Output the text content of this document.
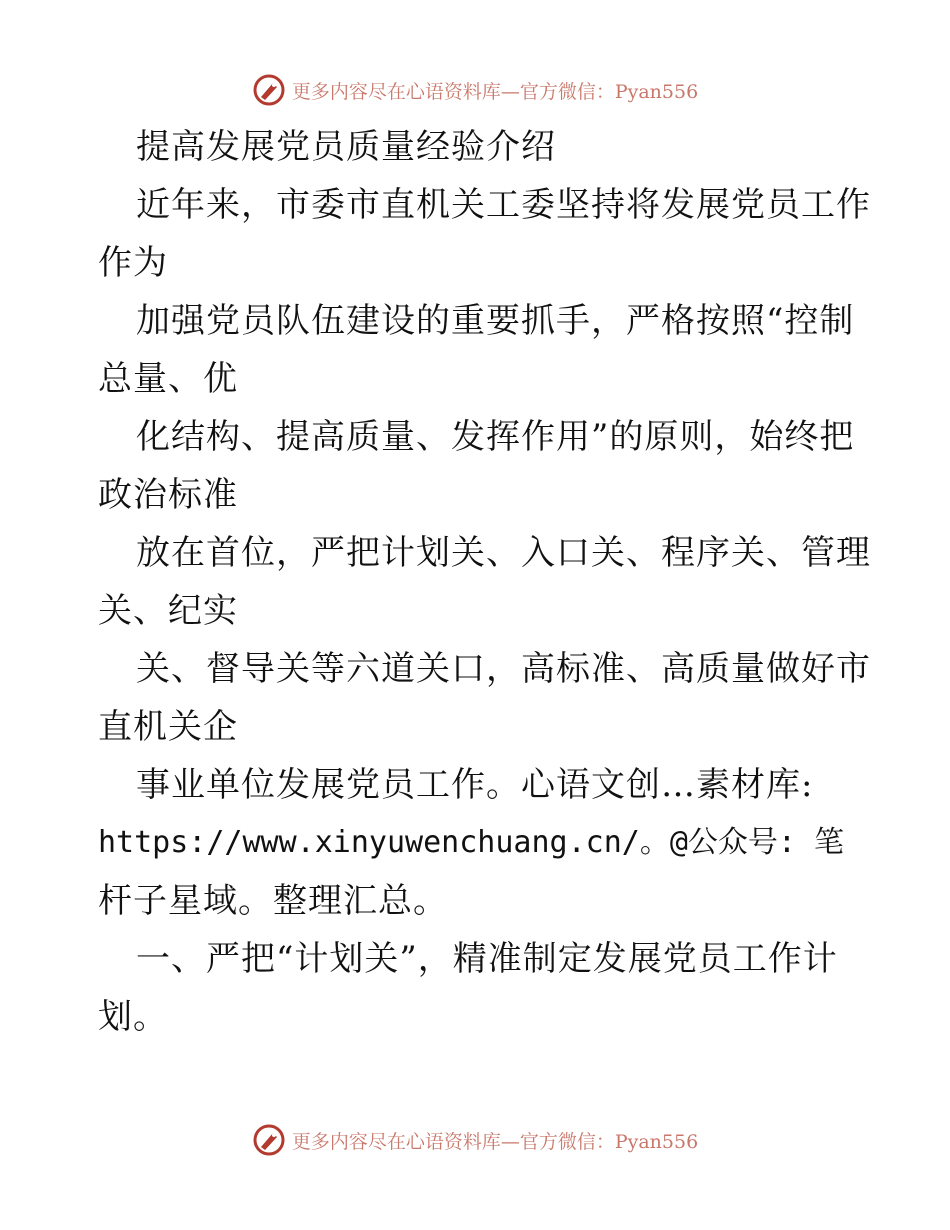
更多内容尽在心语资料库—官方微信：Pyan556
提高发展党员质量经验介绍
近年来，市委市直机关工委坚持将发展党员工作
作为
加强党员队伍建设的重要抓手，严格按照“控制
总量、优
化结构、提高质量、发挥作用”的原则，始终把
政治标准
放在首位，严把计划关、入口关、程序关、管理
关、纪实
关、督导关等六道关口，高标准、高质量做好市
直机关企
事业单位发展党员工作。心语文创…素材库:
https://www.xinyuwenchuang.cn/。@公众号: 笔
杆子星域。整理汇总。
一、严把“计划关”，精准制定发展党员工作计
划。
更多内容尽在心语资料库—官方微信：Pyan556
